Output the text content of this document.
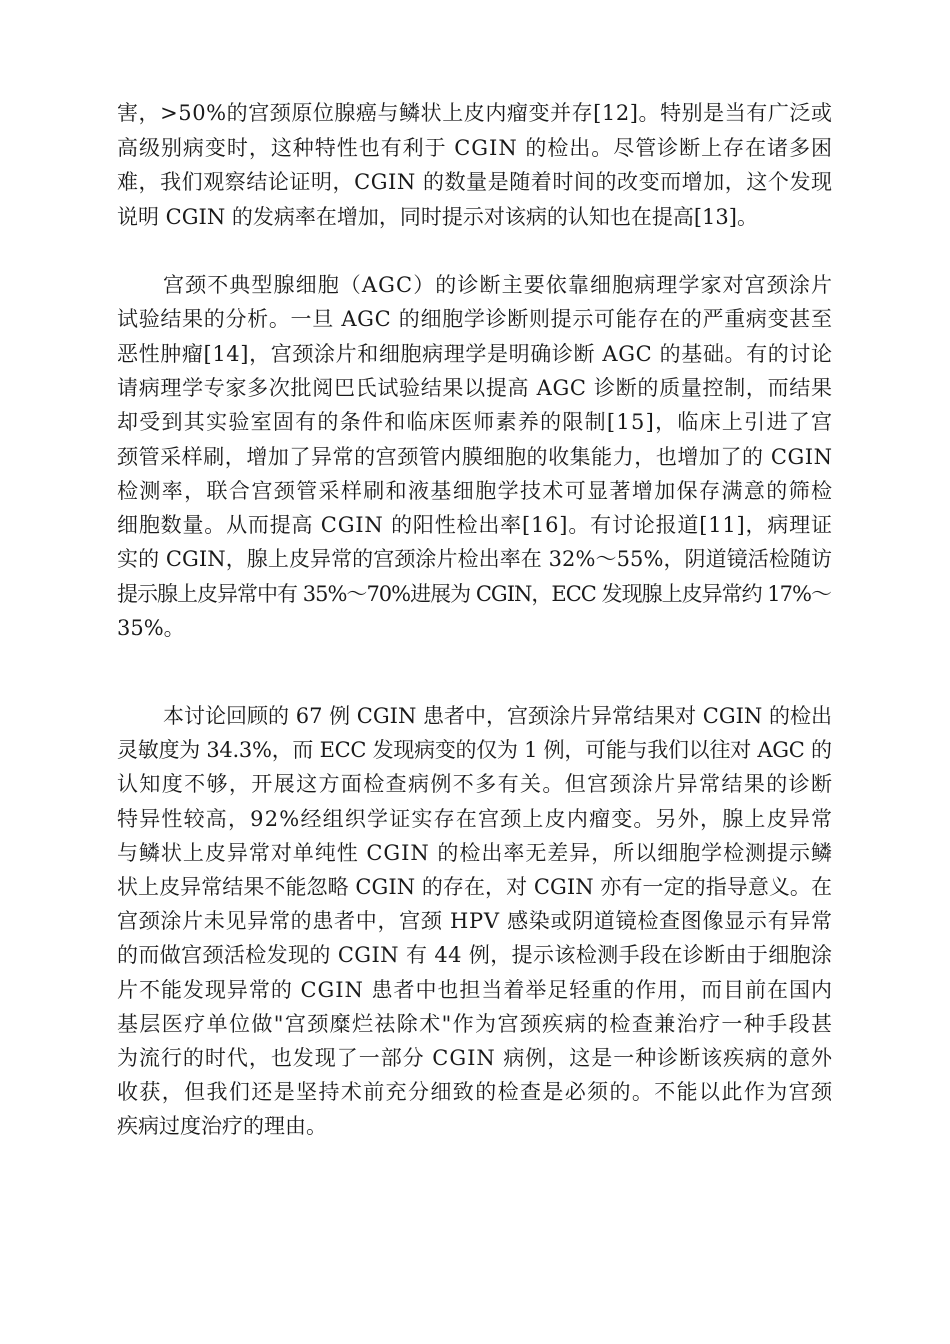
害，>50%的宫颈原位腺癌与鳞状上皮内瘤变并存[12]。特别是当有广泛或
高级别病变时，这种特性也有利于 CGIN 的检出。尽管诊断上存在诸多困
难，我们观察结论证明，CGIN 的数量是随着时间的改变而增加，这个发现
说明 CGIN 的发病率在增加，同时提示对该病的认知也在提高[13]。
宫颈不典型腺细胞（AGC）的诊断主要依靠细胞病理学家对宫颈涂片
试验结果的分析。一旦 AGC 的细胞学诊断则提示可能存在的严重病变甚至
恶性肿瘤[14]，宫颈涂片和细胞病理学是明确诊断 AGC 的基础。有的讨论
请病理学专家多次批阅巴氏试验结果以提高 AGC 诊断的质量控制，而结果
却受到其实验室固有的条件和临床医师素养的限制[15]，临床上引进了宫
颈管采样刷，增加了异常的宫颈管内膜细胞的收集能力，也增加了的 CGIN
检测率，联合宫颈管采样刷和液基细胞学技术可显著增加保存满意的筛检
细胞数量。从而提高 CGIN 的阳性检出率[16]。有讨论报道[11]，病理证
实的 CGIN，腺上皮异常的宫颈涂片检出率在 32%～55%，阴道镜活检随访
提示腺上皮异常中有 35%～70%进展为 CGIN，ECC 发现腺上皮异常约 17%～
35%。
本讨论回顾的 67 例 CGIN 患者中，宫颈涂片异常结果对 CGIN 的检出
灵敏度为 34.3%，而 ECC 发现病变的仅为 1 例，可能与我们以往对 AGC 的
认知度不够，开展这方面检查病例不多有关。但宫颈涂片异常结果的诊断
特异性较高，92%经组织学证实存在宫颈上皮内瘤变。另外，腺上皮异常
与鳞状上皮异常对单纯性 CGIN 的检出率无差异，所以细胞学检测提示鳞
状上皮异常结果不能忽略 CGIN 的存在，对 CGIN 亦有一定的指导意义。在
宫颈涂片未见异常的患者中，宫颈 HPV 感染或阴道镜检查图像显示有异常
的而做宫颈活检发现的 CGIN 有 44 例，提示该检测手段在诊断由于细胞涂
片不能发现异常的 CGIN 患者中也担当着举足轻重的作用，而目前在国内
基层医疗单位做"宫颈糜烂祛除术"作为宫颈疾病的检查兼治疗一种手段甚
为流行的时代，也发现了一部分 CGIN 病例，这是一种诊断该疾病的意外
收获，但我们还是坚持术前充分细致的检查是必须的。不能以此作为宫颈
疾病过度治疗的理由。
